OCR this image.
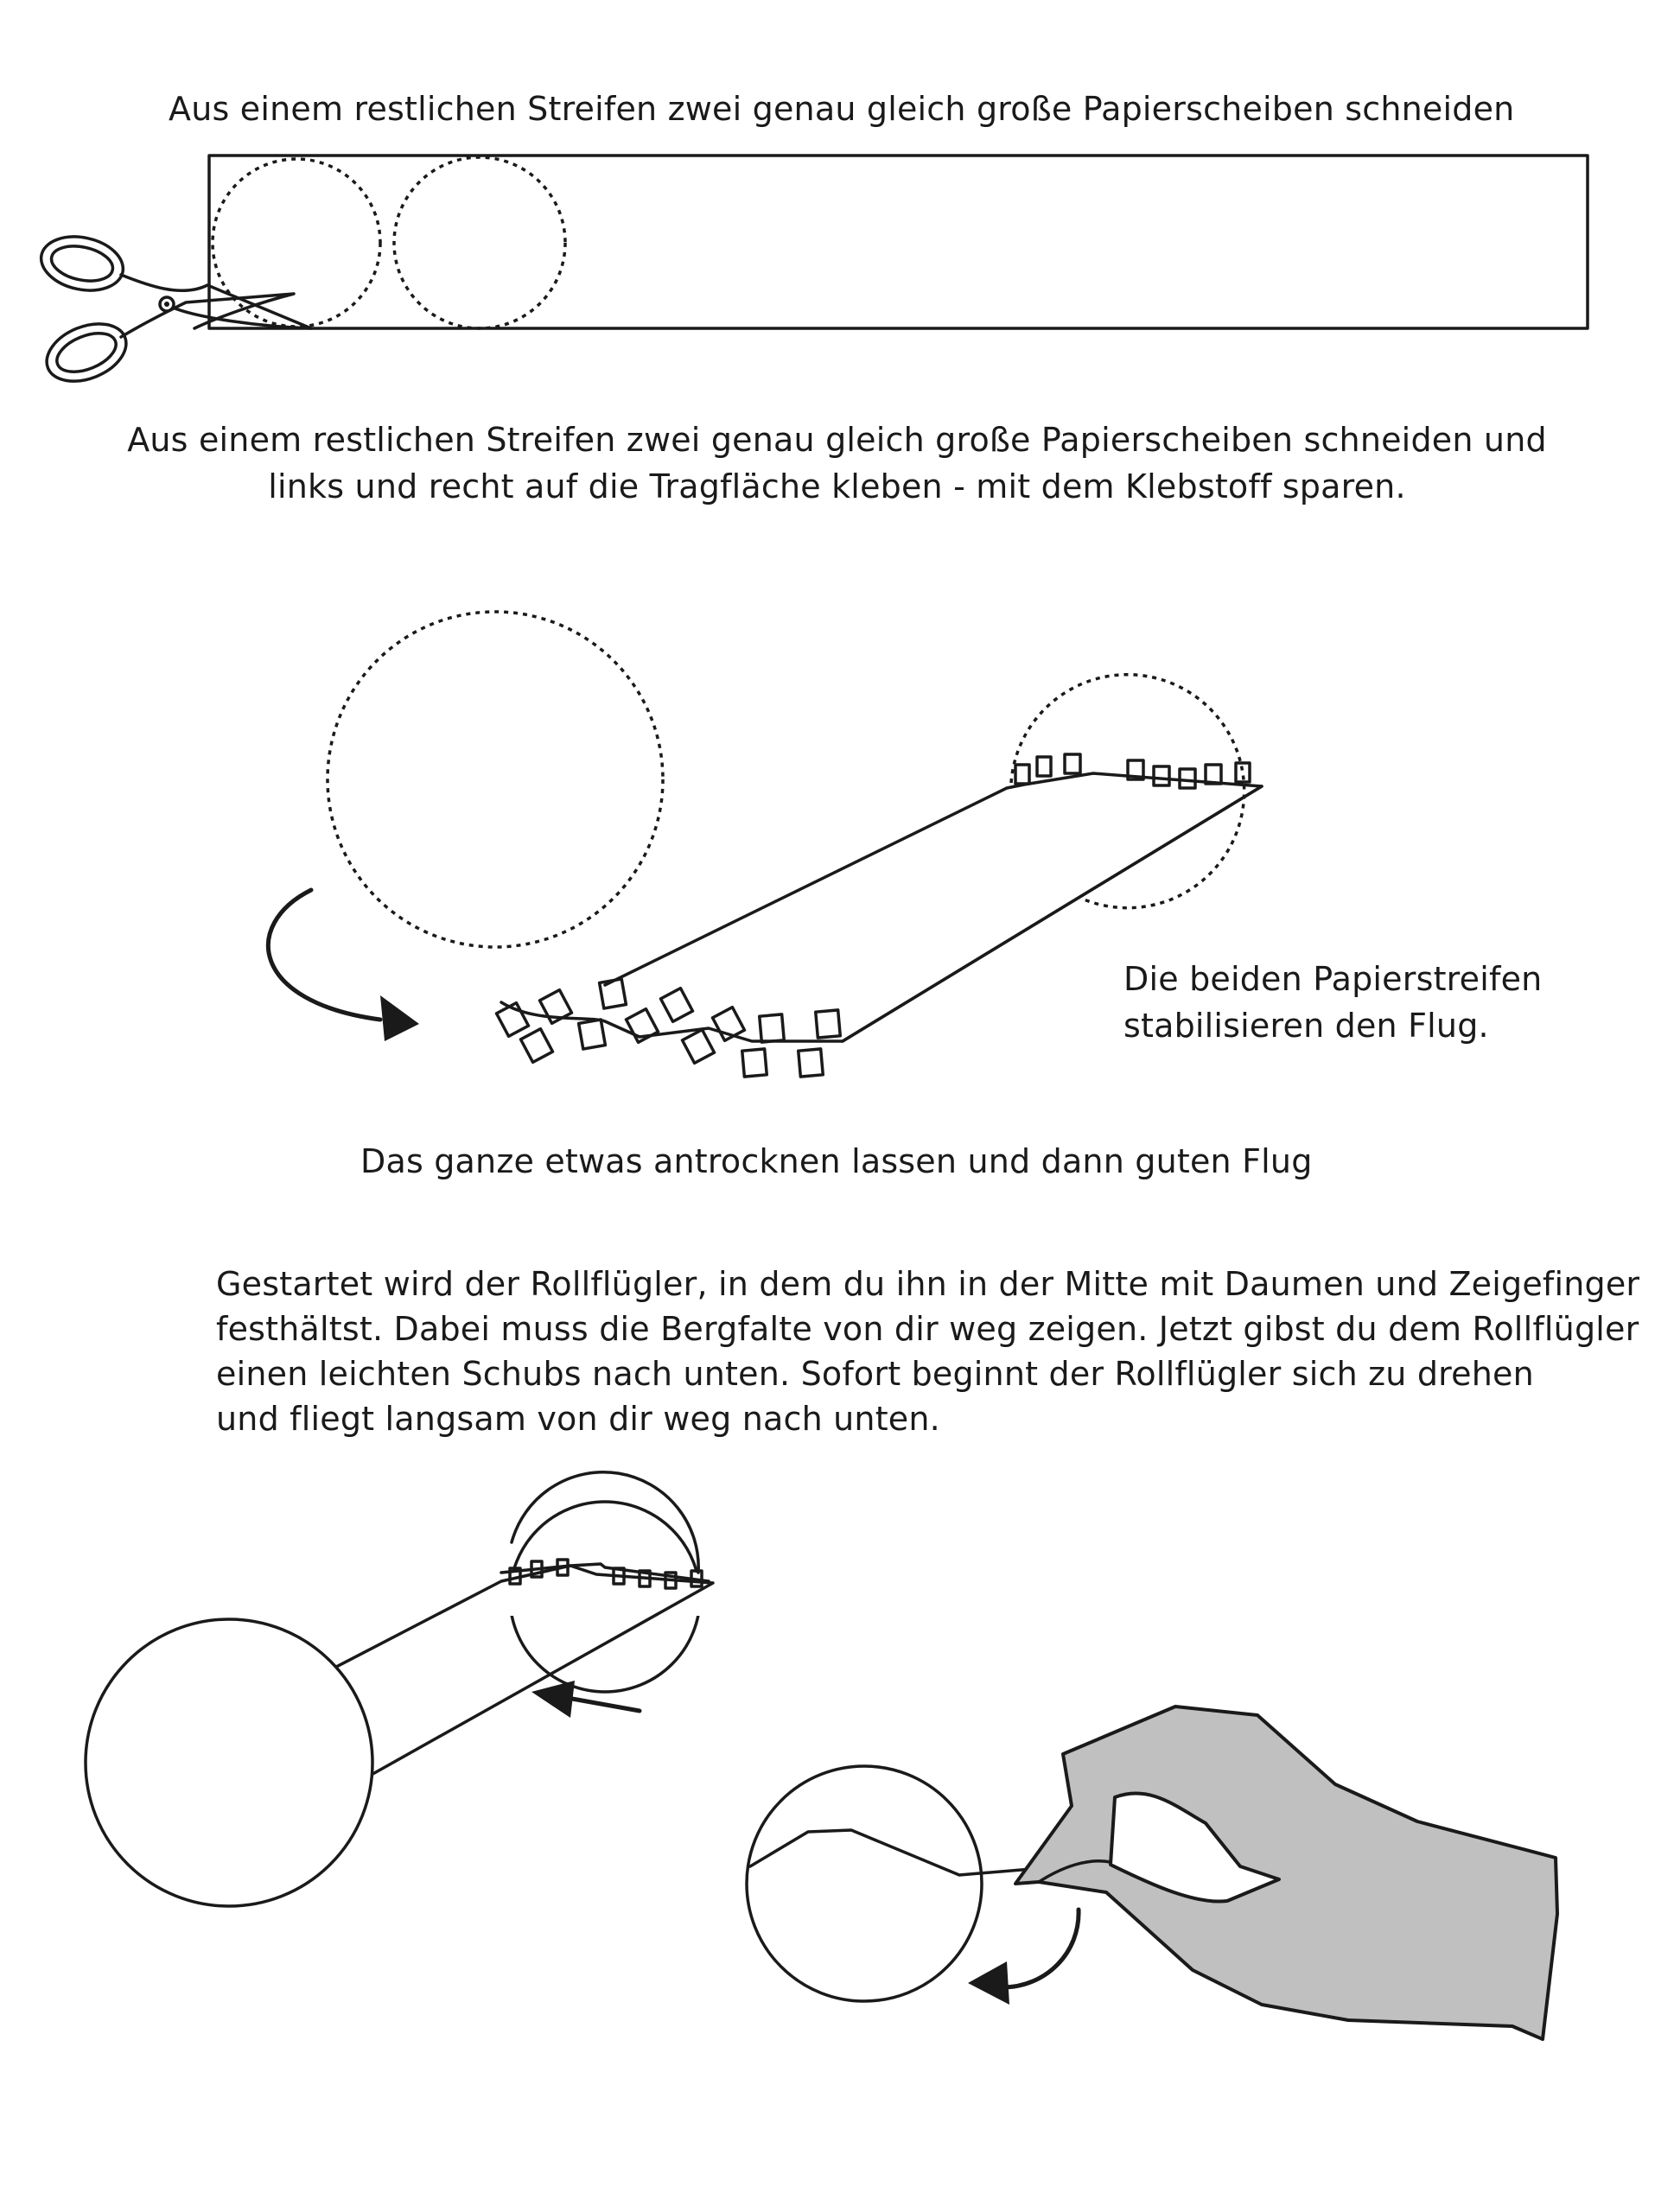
Aus einem restlichen Streifen zwei genau gleich große Papierscheiben schneiden
Aus einem restlichen Streifen zwei genau gleich große Papierscheiben schneiden und
links und recht auf die Tragfläche kleben - mit dem Klebstoff sparen.
Die beiden Papierstreifen
stabilisieren den Flug.
Das ganze etwas antrocknen lassen und dann guten Flug
Gestartet wird der Rollflügler, in dem du ihn in der Mitte mit Daumen und Zeigefinger
festhältst. Dabei muss die Bergfalte von dir weg zeigen. Jetzt gibst du dem Rollflügler
einen leichten Schubs nach unten. Sofort beginnt der Rollflügler sich zu drehen
und fliegt langsam von dir weg nach unten.
